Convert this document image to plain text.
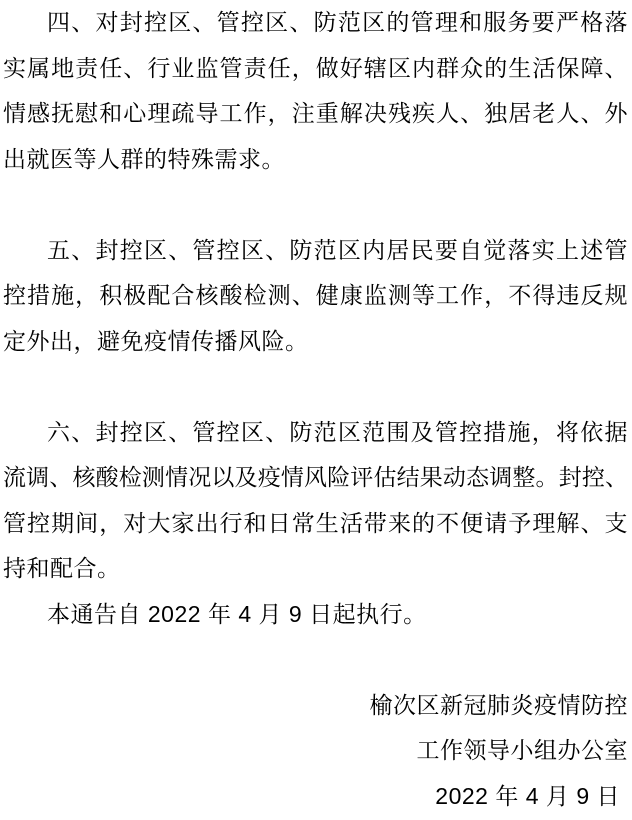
四、对封控区、管控区、防范区的管理和服务要严格落
实属地责任、行业监管责任，做好辖区内群众的生活保障、
情感抚慰和心理疏导工作，注重解决残疾人、独居老人、外
出就医等人群的特殊需求。
五、封控区、管控区、防范区内居民要自觉落实上述管
控措施，积极配合核酸检测、健康监测等工作，不得违反规
定外出，避免疫情传播风险。
六、封控区、管控区、防范区范围及管控措施，将依据
流调、核酸检测情况以及疫情风险评估结果动态调整。封控、
管控期间，对大家出行和日常生活带来的不便请予理解、支
持和配合。
本通告自 2022 年 4 月 9 日起执行。
榆次区新冠肺炎疫情防控
工作领导小组办公室
2022 年 4 月 9 日
